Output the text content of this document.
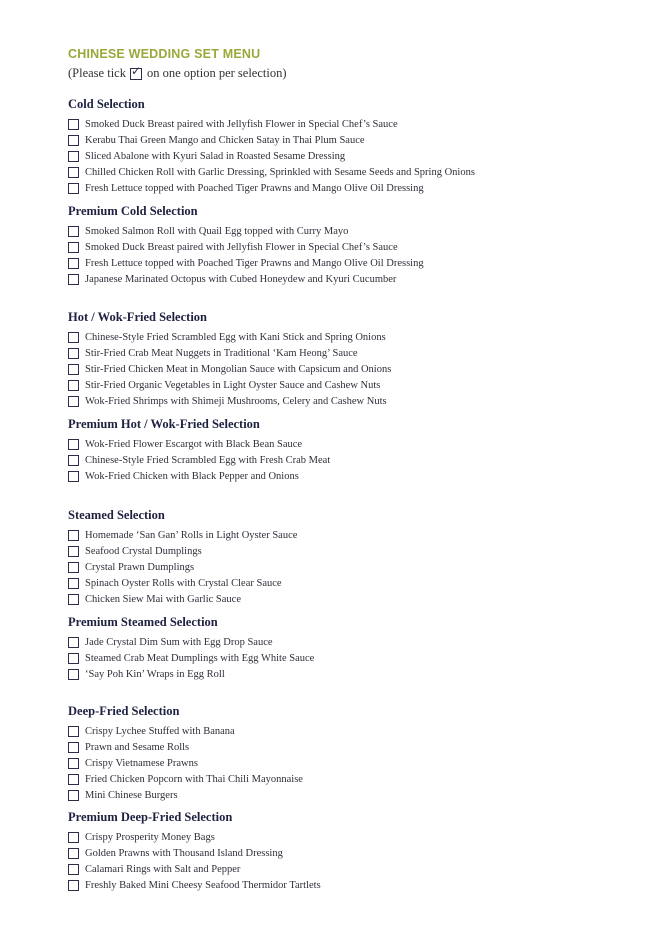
CHINESE WEDDING SET MENU
(Please tick
✓ on one option per selection)
Cold Selection
Smoked Duck Breast paired with Jellyfish Flower in Special Chef’s Sauce
Kerabu Thai Green Mango and Chicken Satay in Thai Plum Sauce
Sliced Abalone with Kyuri Salad in Roasted Sesame Dressing
Chilled Chicken Roll with Garlic Dressing, Sprinkled with Sesame Seeds and Spring Onions
Fresh Lettuce topped with Poached Tiger Prawns and Mango Olive Oil Dressing
Premium Cold Selection
Smoked Salmon Roll with Quail Egg topped with Curry Mayo
Smoked Duck Breast paired with Jellyfish Flower in Special Chef’s Sauce
Fresh Lettuce topped with Poached Tiger Prawns and Mango Olive Oil Dressing
Japanese Marinated Octopus with Cubed Honeydew and Kyuri Cucumber
Hot / Wok-Fried Selection
Chinese-Style Fried Scrambled Egg with Kani Stick and Spring Onions
Stir-Fried Crab Meat Nuggets in Traditional ‘Kam Heong’ Sauce
Stir-Fried Chicken Meat in Mongolian Sauce with Capsicum and Onions
Stir-Fried Organic Vegetables in Light Oyster Sauce and Cashew Nuts
Wok-Fried Shrimps with Shimeji Mushrooms, Celery and Cashew Nuts
Premium Hot / Wok-Fried Selection
Wok-Fried Flower Escargot with Black Bean Sauce
Chinese-Style Fried Scrambled Egg with Fresh Crab Meat
Wok-Fried Chicken with Black Pepper and Onions
Steamed Selection
Homemade ‘San Gan’ Rolls in Light Oyster Sauce
Seafood Crystal Dumplings
Crystal Prawn Dumplings
Spinach Oyster Rolls with Crystal Clear Sauce
Chicken Siew Mai with Garlic Sauce
Premium Steamed Selection
Jade Crystal Dim Sum with Egg Drop Sauce
Steamed Crab Meat Dumplings with Egg White Sauce
‘Say Poh Kin’ Wraps in Egg Roll
Deep-Fried Selection
Crispy Lychee Stuffed with Banana
Prawn and Sesame Rolls
Crispy Vietnamese Prawns
Fried Chicken Popcorn with Thai Chili Mayonnaise
Mini Chinese Burgers
Premium Deep-Fried Selection
Crispy Prosperity Money Bags
Golden Prawns with Thousand Island Dressing
Calamari Rings with Salt and Pepper
Freshly Baked Mini Cheesy Seafood Thermidor Tartlets
